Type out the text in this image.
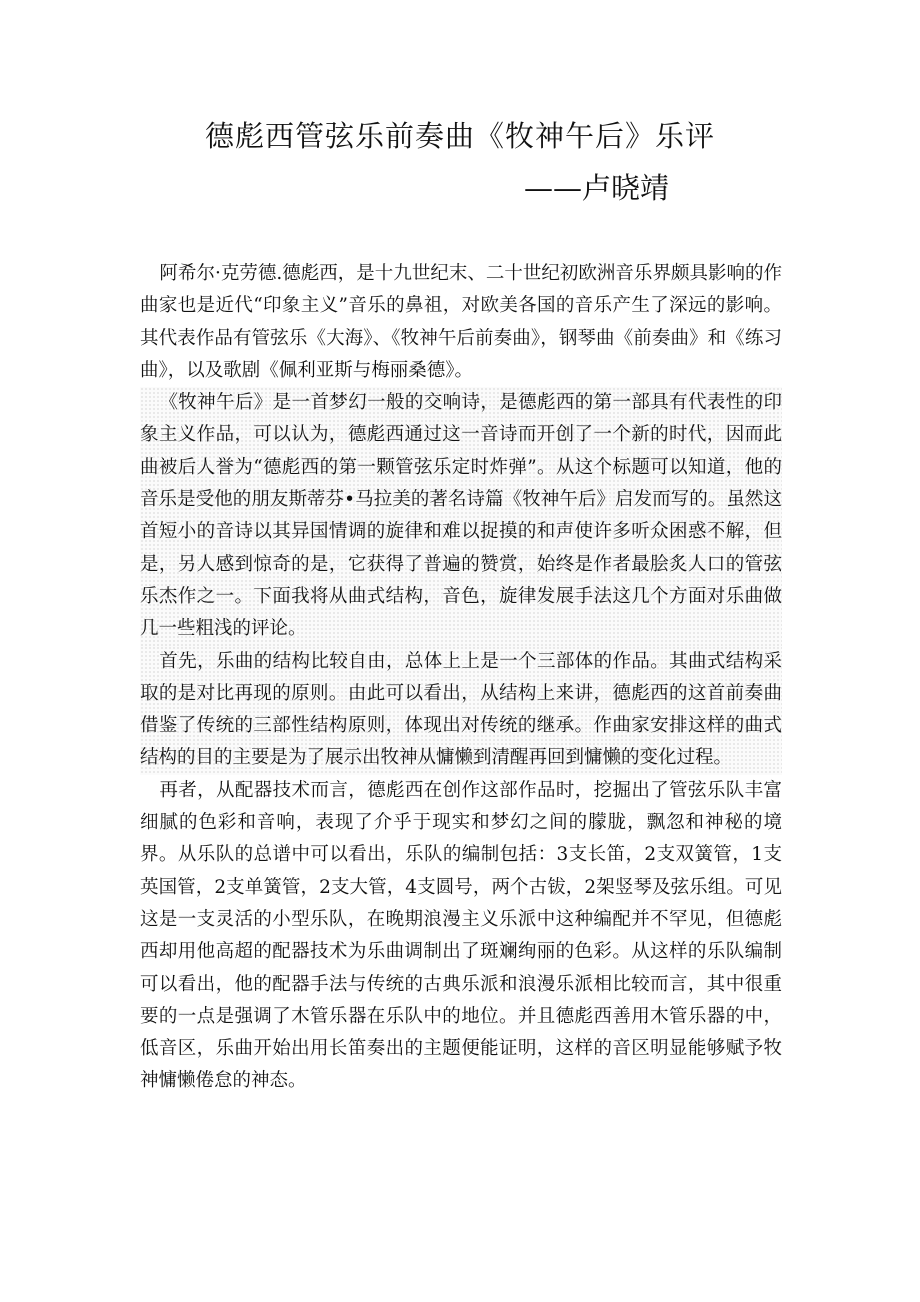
德彪西管弦乐前奏曲《牧神午后》乐评
——卢晓靖

阿希尔·克劳德.德彪西，是十九世纪末、二十世纪初欧洲音乐界颇具影响的作曲家也是近代“印象主义”音乐的鼻祖，对欧美各国的音乐产生了深远的影响。其代表作品有管弦乐《大海》、《牧神午后前奏曲》，钢琴曲《前奏曲》和《练习曲》，以及歌剧《佩利亚斯与梅丽桑德》。

《牧神午后》是一首梦幻一般的交响诗，是德彪西的第一部具有代表性的印象主义作品，可以认为，德彪西通过这一音诗而开创了一个新的时代，因而此曲被后人誉为“德彪西的第一颗管弦乐定时炸弹”。从这个标题可以知道，他的音乐是受他的朋友斯蒂芬•马拉美的著名诗篇《牧神午后》启发而写的。虽然这首短小的音诗以其异国情调的旋律和难以捉摸的和声使许多听众困惑不解，但是，另人感到惊奇的是，它获得了普遍的赞赏，始终是作者最脍炙人口的管弦乐杰作之一。下面我将从曲式结构，音色，旋律发展手法这几个方面对乐曲做几一些粗浅的评论。

首先，乐曲的结构比较自由，总体上上是一个三部体的作品。其曲式结构采取的是对比再现的原则。由此可以看出，从结构上来讲，德彪西的这首前奏曲借鉴了传统的三部性结构原则，体现出对传统的继承。作曲家安排这样的曲式结构的目的主要是为了展示出牧神从慵懒到清醒再回到慵懒的变化过程。

再者，从配器技术而言，德彪西在创作这部作品时，挖掘出了管弦乐队丰富细腻的色彩和音响，表现了介乎于现实和梦幻之间的朦胧，飘忽和神秘的境界。从乐队的总谱中可以看出，乐队的编制包括：3支长笛，2支双簧管，1支英国管，2支单簧管，2支大管，4支圆号，两个古钹，2架竖琴及弦乐组。可见这是一支灵活的小型乐队，在晚期浪漫主义乐派中这种编配并不罕见，但德彪西却用他高超的配器技术为乐曲调制出了斑斓绚丽的色彩。从这样的乐队编制可以看出，他的配器手法与传统的古典乐派和浪漫乐派相比较而言，其中很重要的一点是强调了木管乐器在乐队中的地位。并且德彪西善用木管乐器的中，低音区，乐曲开始出用长笛奏出的主题便能证明，这样的音区明显能够赋予牧神慵懒倦怠的神态。
